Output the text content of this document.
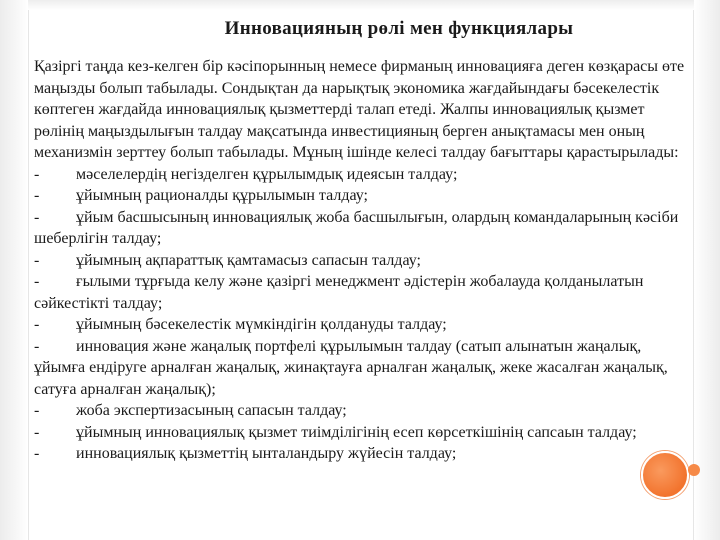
Инновацияның рөлі мен функциялары

Қазіргі таңда кез-келген бір кәсіпорынның немесе фирманың инновацияға деген көзқарасы өте маңызды болып табылады. Сондықтан да нарықтық экономика жағдайындағы бәсекелестік көптеген жағдайда инновациялық қызметтерді талап етеді. Жалпы инновациялық қызмет рөлінің маңыздылығын талдау мақсатында инвестицияның берген анықтамасы мен оның механизмін зерттеу болып табылады. Мұның ішінде келесі талдау бағыттары қарастырылады:

- мәселелердің негізделген құрылымдық идеясын талдау;

- ұйымның рационалды құрылымын талдау;

- ұйым басшысының инновациялық жоба басшылығын, олардың командаларының кәсіби шеберлігін талдау;

- ұйымның ақпараттық қамтамасыз сапасын талдау;

- ғылыми тұрғыда келу және қазіргі менеджмент әдістерін жобалауда қолданылатын сәйкестікті талдау;

- ұйымның бәсекелестік мүмкіндігін қолдануды талдау;

- инновация және жаңалық портфелі құрылымын талдау (сатып алынатын жаңалық, ұйымға ендіруге арналған жаңалық, жинақтауға арналған жаңалық, жеке жасалған жаңалық, сатуға арналған жаңалық);

- жоба экспертизасының сапасын талдау;

- ұйымның инновациялық қызмет тиімділігінің есеп көрсеткішінің сапсаын талдау;

- инновациялық қызметтің ынталандыру жүйесін талдау;
